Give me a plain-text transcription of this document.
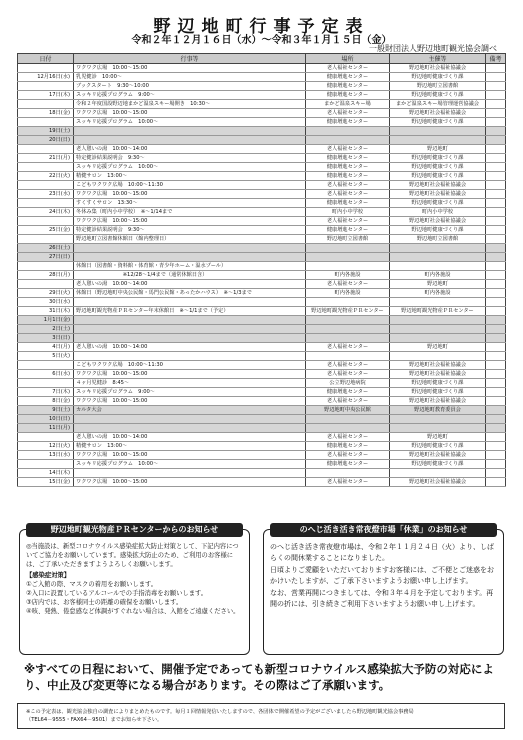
野辺地町行事予定表
令和２年１２月１６日（水）～令和３年１月１５日（金）
一般財団法人野辺地町観光協会調べ
日付	行事等	場所	主催等	備考
	ワクワク広場　10:00～15:00	老人福祉センター	野辺地町社会福祉協議会	
12月16日(水)	乳児健診　10:00～	健康増進センター	野辺地町健康づくり課	
	ブックスタート　9:30～10:00	健康増進センター	野辺地町立図書館	
17日(木)	スッキリ応援プログラム　9:00～	健康増進センター	野辺地町健康づくり課	
	令和２年度国設野辺地まかど温泉スキー場開き　10:30～	まかど温泉スキー場	まかど温泉スキー場管理運営協議会	
18日(金)	ワクワク広場　10:00～15:00	老人福祉センター	野辺地町社会福祉協議会	
	スッキリ応援プログラム　10:00～	健康増進センター	野辺地町健康づくり課	
19日(土)				
20日(日)				
	老人憩いの湯　10:00～14:00	老人福祉センター	野辺地町	
21日(月)	特定健診結果説明会　9:30～	健康増進センター	野辺地町健康づくり課	
	スッキリ応援プログラム　10:00～	健康増進センター	野辺地町健康づくり課	
22日(火)	精健サロン　13:00～	健康増進センター	野辺地町健康づくり課	
	こどもワクワク広場　10:00～11:30	老人福祉センター	野辺地町社会福祉協議会	
23日(水)	ワクワク広場　10:00～15:00	老人福祉センター	野辺地町社会福祉協議会	
	すくすくサロン　13:30～	健康増進センター	野辺地町健康づくり課	
24日(木)	冬休み集（町内小中学校）　※～1/14まで	町内小中学校	町内小中学校	
	ワクワク広場　10:00～15:00	老人福祉センター	野辺地町社会福祉協議会	
25日(金)	特定健診結果説明会　9:30～	健康増進センター	野辺地町健康づくり課	
	野辺地町立図書館休館日（館内整理日）	野辺地町立図書館	野辺地町立図書館	
26日(土)				
27日(日)				
	休館日（図書館・資料館・体育館・青少年ホーム・温水プール）			
28日(月)	　　　　　　　　　※12/28～1/4まで（通常休館日含）	町内各施設	町内各施設	
	老人憩いの湯　10:00～14:00	老人福祉センター	野辺地町	
29日(火)	休館日（野辺地町中央公民館・馬門公民館・あったかハウス）　※～1/3まで	町内各施設	町内各施設	
30日(水)				
31日(木)	野辺地町観光物産ＰＲセンター年末休館日　※～1/1まで（予定）	野辺地町観光物産ＰＲセンター	野辺地町観光物産ＰＲセンター	
1月1日(金)				
2日(土)				
3日(日)				
4日(月)	老人憩いの湯　10:00～14:00	老人福祉センター	野辺地町	
5日(火)				
	こどもワクワク広場　10:00～11:30	老人福祉センター	野辺地町社会福祉協議会	
6日(水)	ワクワク広場　10:00～15:00	老人福祉センター	野辺地町社会福祉協議会	
	４ヶ月児健診　8:45～	公立野辺地病院	野辺地町健康づくり課	
7日(木)	スッキリ応援プログラム　9:00～	健康増進センター	野辺地町健康づくり課	
8日(金)	ワクワク広場　10:00～15:00	老人福祉センター	野辺地町社会福祉協議会	
9日(土)	カルタ大会	野辺地町中央公民館	野辺地町教育委員会	
10日(日)				
11日(月)				
	老人憩いの湯　10:00～14:00	老人福祉センター	野辺地町	
12日(火)	精健サロン　13:00～	健康増進センター	野辺地町健康づくり課	
13日(水)	ワクワク広場　10:00～15:00	老人福祉センター	野辺地町社会福祉協議会	
	スッキリ応援プログラム　10:00～	健康増進センター	野辺地町健康づくり課	
14日(木)				
15日(金)	ワクワク広場　10:00～15:00	老人福祉センター	野辺地町社会福祉協議会	
野辺地町観光物産ＰＲセンターからのお知らせ

◎当施設は、新型コロナウイルス感染症拡大防止対策として、下記内容についてご協力をお願いしています。感染拡大防止のため、ご利用のお客様には、ご了承いただきますようよろしくお願いします。

【感染症対策】
①ご入館の際、マスクの着用をお願いします。
②入口に設置しているアルコールでの手指消毒をお願いします。
③店内では、お客様同士の距離の確保をお願いします。
④咳、発熱、倦怠感など体調がすぐれない場合は、入館をご遠慮ください。
のへじ活き活き常夜燈市場「休業」のお知らせ

のへじ活き活き常夜燈市場は、令和２年１１月２４日（火）より、しばらくの間休業することになりました。

日頃よりご愛顧をいただいておりますお客様には、ご不便とご迷惑をおかけいたしますが、ご了承下さいますようお願い申し上げます。

なお、営業再開につきましては、令和３年４月を予定しております。再開の折には、引き続きご利用下さいますようお願い申し上げます。

※すべての日程において、開催予定であっても新型コロナウイルス感染拡大予防の対応により、中止及び変更等になる場合があります。その際はご了承願います。
※この予定表は、観光協会独自の調査によりまとめたものです。毎月１回情報発信いたしますので、各団体で開催希望の予定がございましたら野辺地町観光協会事務局
（TEL64－9555・FAX64－9501）までお知らせ下さい。
